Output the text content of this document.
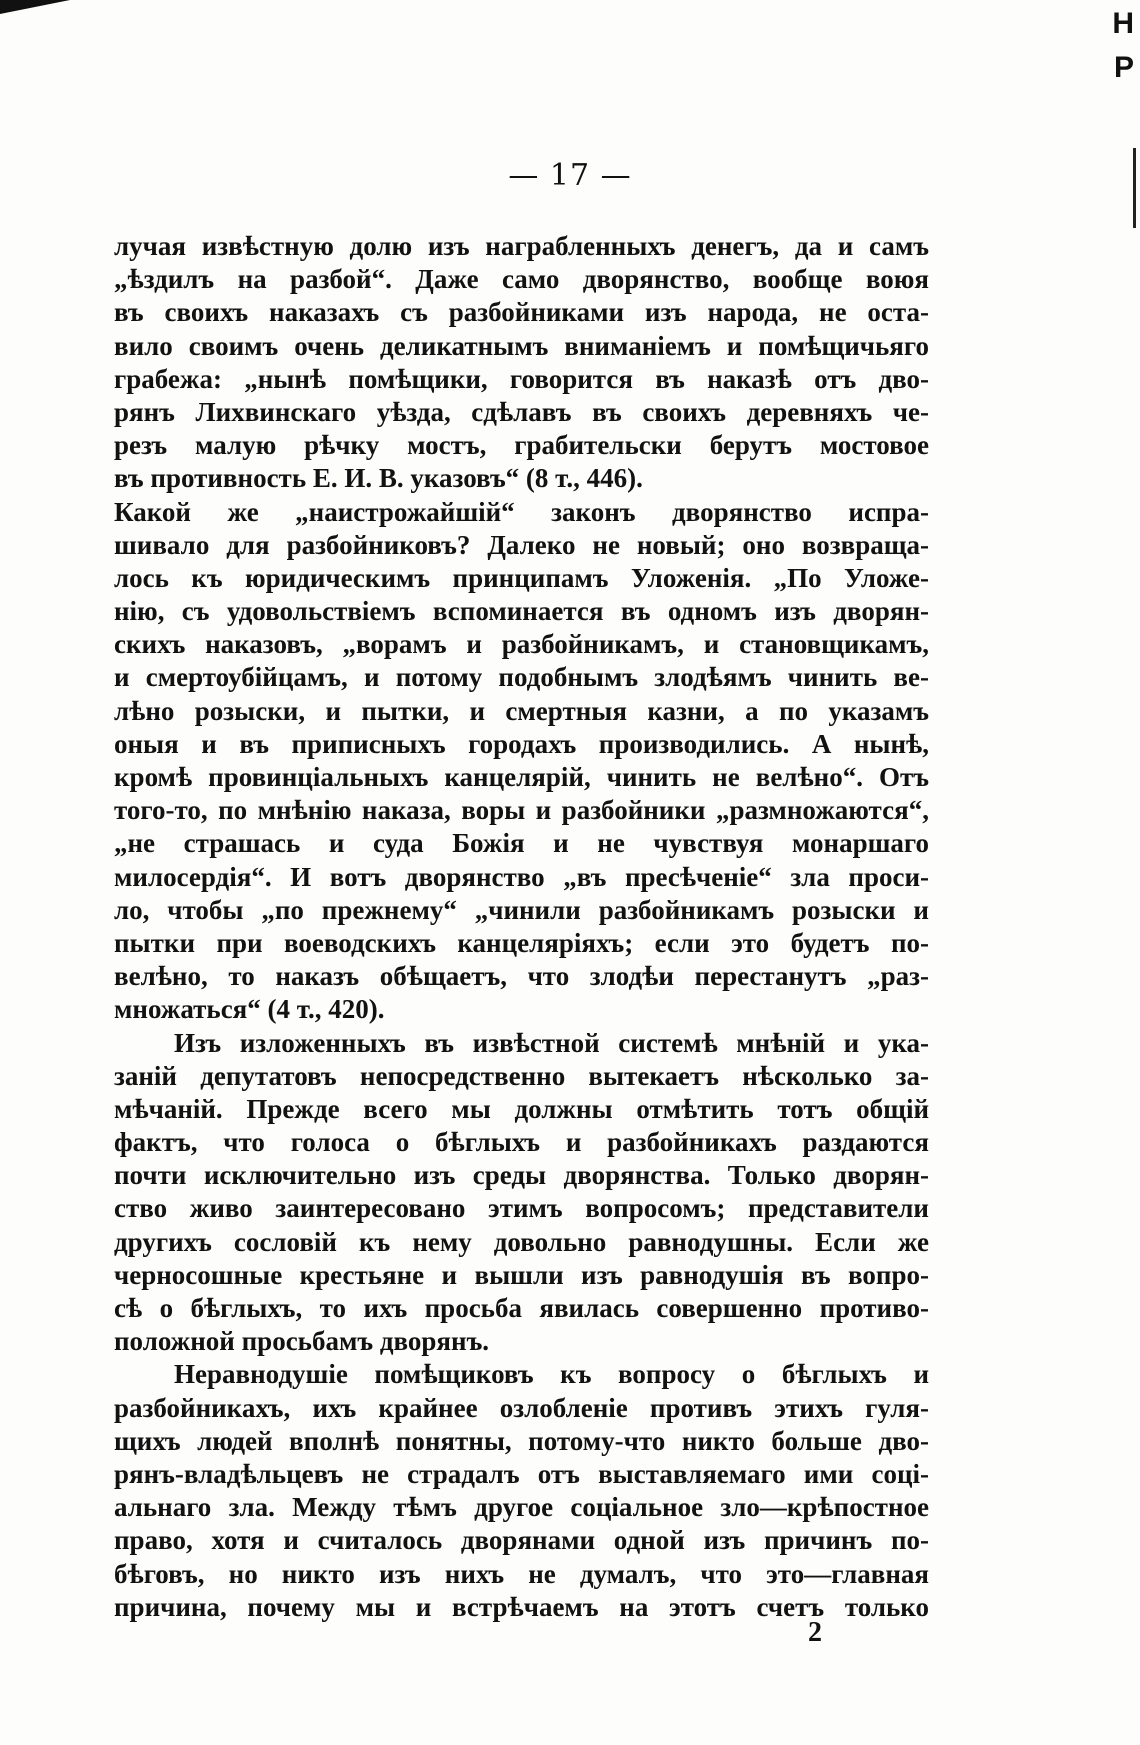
Н Р
— 17 —
лучая извѣстную долю изъ награбленныхъ денегъ, да и самъ
„ѣздилъ на разбой“. Даже само дворянство, вообще воюя
въ своихъ наказахъ съ разбойниками изъ народа, не оста-
вило своимъ очень деликатнымъ вниманіемъ и помѣщичьяго
грабежа: „нынѣ помѣщики, говорится въ наказѣ отъ дво-
рянъ Лихвинскаго уѣзда, сдѣлавъ въ своихъ деревняхъ че-
резъ малую рѣчку мостъ, грабительски берутъ мостовое
въ противность Е. И. В. указовъ“ (8 т., 446).
Какой же „наистрожайшій“ законъ дворянство испра-
шивало для разбойниковъ? Далеко не новый; оно возвраща-
лось къ юридическимъ принципамъ Уложенія. „По Уложе-
нію, съ удовольствіемъ вспоминается въ одномъ изъ дворян-
скихъ наказовъ, „ворамъ и разбойникамъ, и становщикамъ,
и смертоубійцамъ, и потому подобнымъ злодѣямъ чинить ве-
лѣно розыски, и пытки, и смертныя казни, а по указамъ
оныя и въ приписныхъ городахъ производились. А нынѣ,
кромѣ провинціальныхъ канцелярій, чинить не велѣно“. Отъ
того-то, по мнѣнію наказа, воры и разбойники „размножаются“,
„не страшась и суда Божія и не чувствуя монаршаго
милосердія“. И вотъ дворянство „въ пресѣченіе“ зла проси-
ло, чтобы „по прежнему“ „чинили разбойникамъ розыски и
пытки при воеводскихъ канцеляріяхъ; если это будетъ по-
велѣно, то наказъ обѣщаетъ, что злодѣи перестанутъ „раз-
множаться“ (4 т., 420).
Изъ изложенныхъ въ извѣстной системѣ мнѣній и ука-
заній депутатовъ непосредственно вытекаетъ нѣсколько за-
мѣчаній. Прежде всего мы должны отмѣтить тотъ общій
фактъ, что голоса о бѣглыхъ и разбойникахъ раздаются
почти исключительно изъ среды дворянства. Только дворян-
ство живо заинтересовано этимъ вопросомъ; представители
другихъ сословій къ нему довольно равнодушны. Если же
черносошные крестьяне и вышли изъ равнодушія въ вопро-
сѣ о бѣглыхъ, то ихъ просьба явилась совершенно противо-
положной просьбамъ дворянъ.
Неравнодушіе помѣщиковъ къ вопросу о бѣглыхъ и
разбойникахъ, ихъ крайнее озлобленіе противъ этихъ гуля-
щихъ людей вполнѣ понятны, потому-что никто больше дво-
рянъ-владѣльцевъ не страдалъ отъ выставляемаго ими соці-
альнаго зла. Между тѣмъ другое соціальное зло—крѣпостное
право, хотя и считалось дворянами одной изъ причинъ по-
бѣговъ, но никто изъ нихъ не думалъ, что это—главная
причина, почему мы и встрѣчаемъ на этотъ счетъ только
2
